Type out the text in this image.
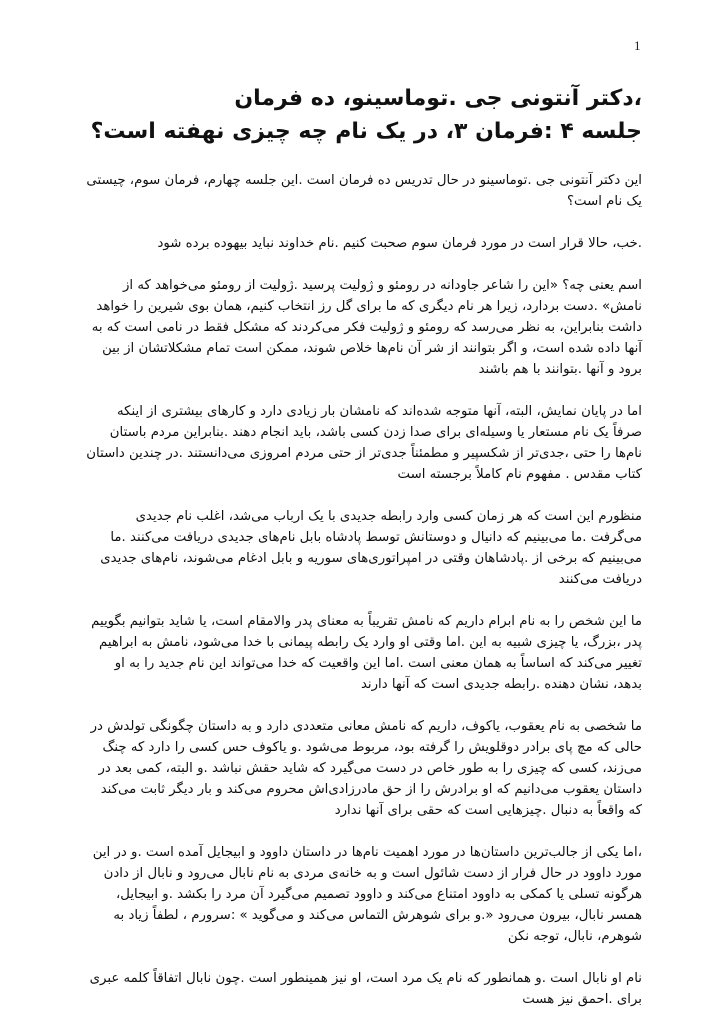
1
،دکتر آنتونی جی .توماسینو، ده فرمان
جلسه ۴ :فرمان ۳، در یک نام چه چیزی نهفته است؟

این دکتر آنتونی جی .توماسینو در حال تدریس ده فرمان است .این جلسه چهارم، فرمان سوم، چیستی یک نام است؟

.خب، حالا قرار است در مورد فرمان سوم صحبت کنیم .نام خداوند نباید بیهوده برده شود

اسم یعنی چه؟ «این را شاعر جاودانه در رومئو و ژولیت پرسید .ژولیت از رومئو می‌خواهد که از نامش» .دست بردارد، زیرا هر نام دیگری که ما برای گل رز انتخاب کنیم، همان بوی شیرین را خواهد داشت بنابراین، به نظر می‌رسد که رومئو و ژولیت فکر می‌کردند که مشکل فقط در نامی است که به آنها داده شده است، و اگر بتوانند از شر آن نام‌ها خلاص شوند، ممکن است تمام مشکلاتشان از بین برود و آنها .بتوانند با هم باشند

اما در پایان نمایش، البته، آنها متوجه شده‌اند که نامشان بار زیادی دارد و کارهای بیشتری از اینکه صرفاً یک نام مستعار یا وسیله‌ای برای صدا زدن کسی باشد، باید انجام دهند .بنابراین مردم باستان نام‌ها را حتی ،جدی‌تر از شکسپیر و مطمئناً جدی‌تر از حتی مردم امروزی می‌دانستند .در چندین داستان کتاب مقدس . مفهوم نام کاملاً برجسته است

منظورم این است که هر زمان کسی وارد رابطه جدیدی با یک ارباب می‌شد، اغلب نام جدیدی می‌گرفت .ما می‌بینیم که دانیال و دوستانش توسط پادشاه بابل نام‌های جدیدی دریافت می‌کنند .ما می‌بینیم که برخی از .پادشاهان وقتی در امپراتوری‌های سوریه و بابل ادغام می‌شوند، نام‌های جدیدی دریافت می‌کنند

ما این شخص را به نام ابرام داریم که نامش تقریباً به معنای پدر والامقام است، یا شاید بتوانیم بگوییم پدر ،بزرگ، یا چیزی شبیه به این .اما وقتی او وارد یک رابطه پیمانی با خدا می‌شود، نامش به ابراهیم تغییر می‌کند که اساساً به همان معنی است .اما این واقعیت که خدا می‌تواند این نام جدید را به او بدهد، نشان دهنده .رابطه جدیدی است که آنها دارند

ما شخصی به نام یعقوب، یاکوف، داریم که نامش معانی متعددی دارد و به داستان چگونگی تولدش در حالی که مچ پای برادر دوقلویش را گرفته بود، مربوط می‌شود .و یاکوف حس کسی را دارد که چنگ می‌زند، کسی که چیزی را به طور خاص در دست می‌گیرد که شاید حقش نباشد .و البته، کمی بعد در داستان یعقوب می‌دانیم که او برادرش را از حق مادرزادی‌اش محروم می‌کند و بار دیگر ثابت می‌کند که واقعاً به دنبال .چیزهایی است که حقی برای آنها ندارد

،اما یکی از جالب‌ترین داستان‌ها در مورد اهمیت نام‌ها در داستان داوود و ابیجایل آمده است .و در این مورد داوود در حال فرار از دست شائول است و به خانه‌ی مردی به نام نابال می‌رود و نابال از دادن هرگونه تسلی یا کمکی به داوود امتناع می‌کند و داوود تصمیم می‌گیرد آن مرد را بکشد .و ابیجایل، همسر نابال، بیرون می‌رود «.و برای شوهرش التماس می‌کند و می‌گوید » :سرورم ، لطفاً زیاد به شوهرم، نابال، توجه نکن

نام او نابال است .و همانطور که نام یک مرد است، او نیز همینطور است .چون نابال اتفاقاً کلمه عبری برای .احمق نیز هست
